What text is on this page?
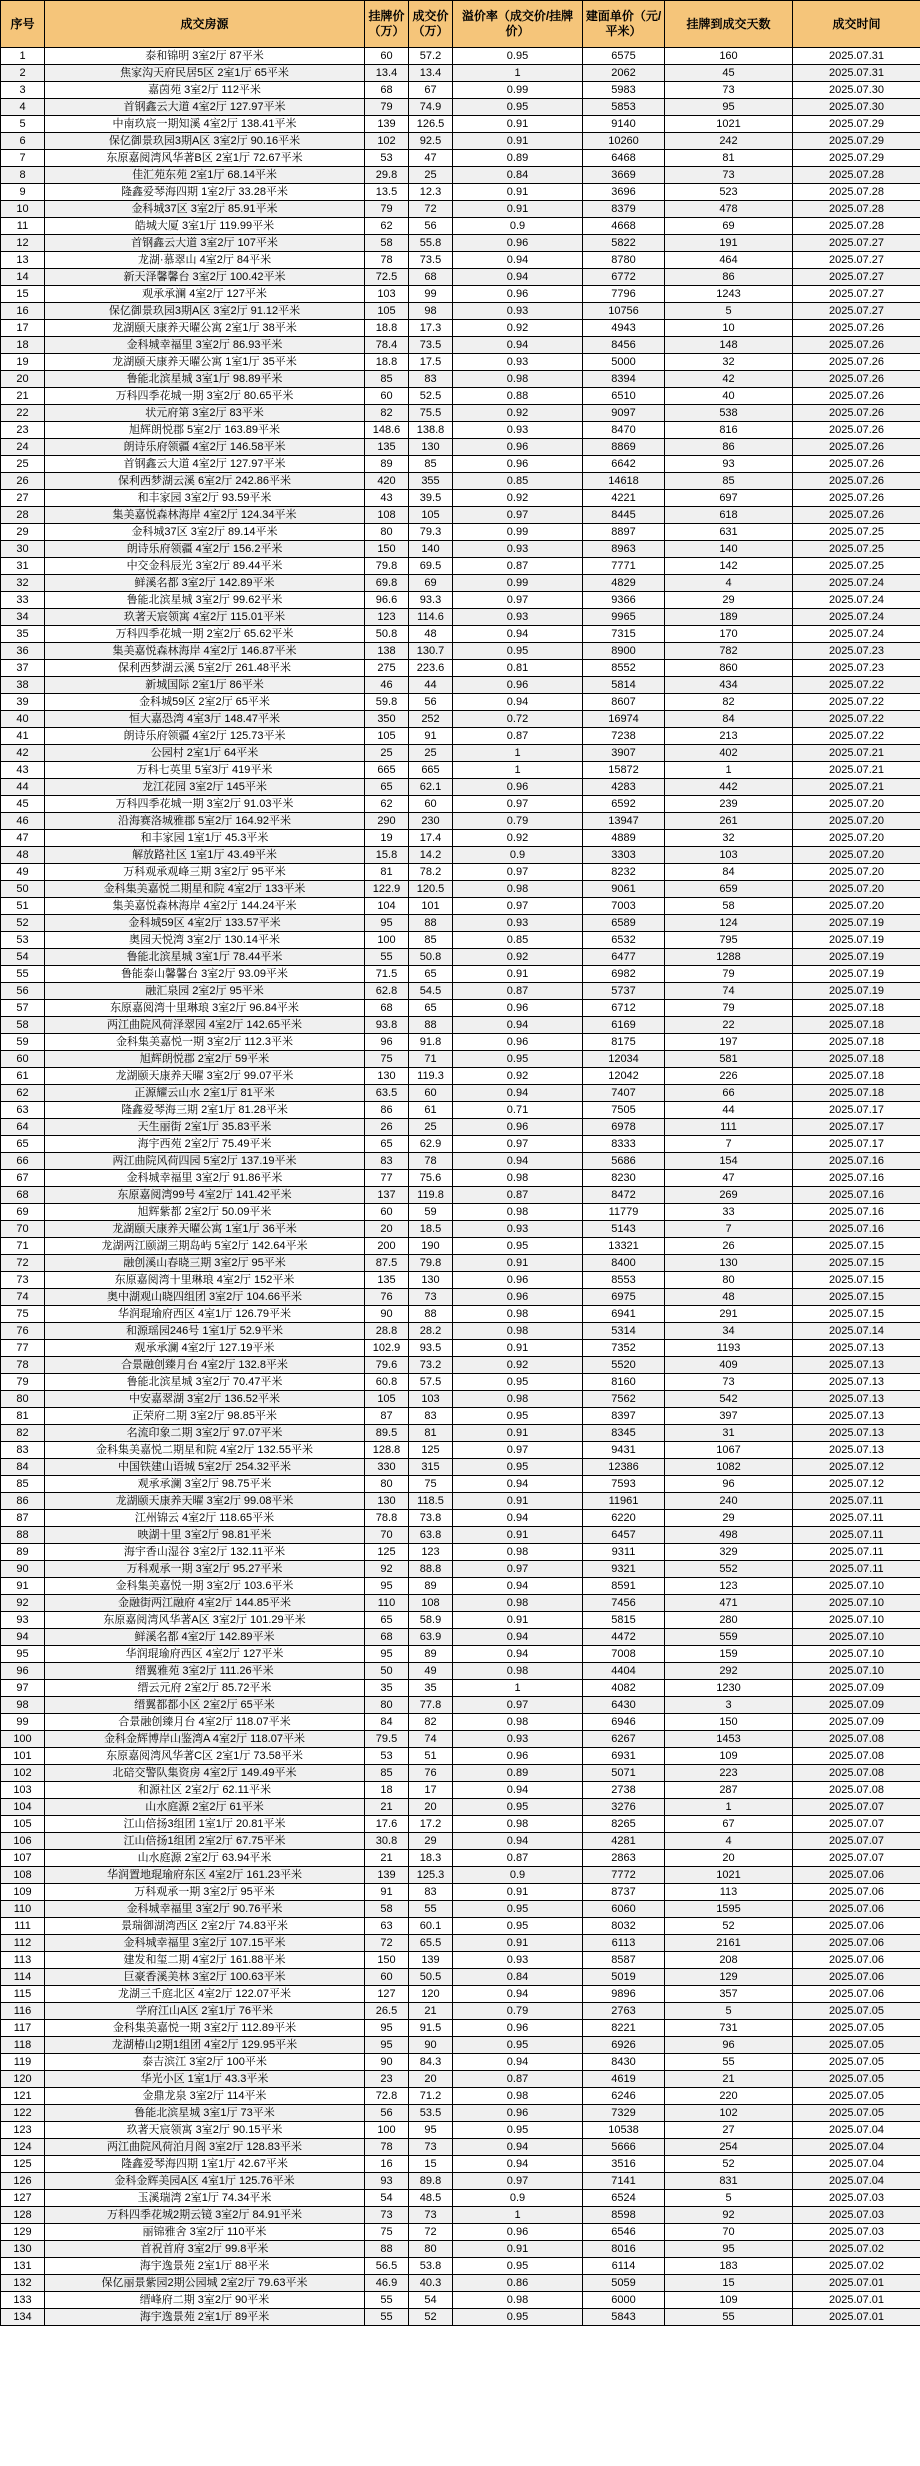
序号	成交房源	挂牌价（万）	成交价（万）	溢价率（成交价/挂牌价）	建面单价（元/平米）	挂牌到成交天数	成交时间
1	泰和锦明 3室2厅 87平米	60	57.2	0.95	6575	160	2025.07.31
2	焦家沟天府民居5区 2室1厅 65平米	13.4	13.4	1	2062	45	2025.07.31
3	嘉茵苑 3室2厅 112平米	68	67	0.99	5983	73	2025.07.30
4	首钢鑫云大道 4室2厅 127.97平米	79	74.9	0.95	5853	95	2025.07.30
5	中南玖宸一期知溪 4室2厅 138.41平米	139	126.5	0.91	9140	1021	2025.07.29
6	保亿御景玖园3期A区 3室2厅 90.16平米	102	92.5	0.91	10260	242	2025.07.29
7	东原嘉阅湾风华著B区 2室1厅 72.67平米	53	47	0.89	6468	81	2025.07.29
8	佳汇苑东苑 2室1厅 68.14平米	29.8	25	0.84	3669	73	2025.07.28
9	隆鑫爱琴海四期 1室2厅 33.28平米	13.5	12.3	0.91	3696	523	2025.07.28
10	金科城37区 3室2厅 85.91平米	79	72	0.91	8379	478	2025.07.28
11	皓城大厦 3室1厅 119.99平米	62	56	0.9	4668	69	2025.07.28
12	首钢鑫云大道 3室2厅 107平米	58	55.8	0.96	5822	191	2025.07.27
13	龙湖·慕翠山 4室2厅 84平米	78	73.5	0.94	8780	464	2025.07.27
14	新天泽馨馨台 3室2厅 100.42平米	72.5	68	0.94	6772	86	2025.07.27
15	观承承澜 4室2厅 127平米	103	99	0.96	7796	1243	2025.07.27
16	保亿御景玖园3期A区 3室2厅 91.12平米	105	98	0.93	10756	5	2025.07.27
17	龙湖颐天康养天曜公寓 2室1厅 38平米	18.8	17.3	0.92	4943	10	2025.07.26
18	金科城幸福里 3室2厅 86.93平米	78.4	73.5	0.94	8456	148	2025.07.26
19	龙湖颐天康养天曜公寓 1室1厅 35平米	18.8	17.5	0.93	5000	32	2025.07.26
20	鲁能北滨星城 3室1厅 98.89平米	85	83	0.98	8394	42	2025.07.26
21	万科四季花城一期 3室2厅 80.65平米	60	52.5	0.88	6510	40	2025.07.26
22	状元府第 3室2厅 83平米	82	75.5	0.92	9097	538	2025.07.26
23	旭辉朗悦郡 5室2厅 163.89平米	148.6	138.8	0.93	8470	816	2025.07.26
24	朗诗乐府领疆 4室2厅 146.58平米	135	130	0.96	8869	86	2025.07.26
25	首钢鑫云大道 4室2厅 127.97平米	89	85	0.96	6642	93	2025.07.26
26	保利西梦湖云溪 6室2厅 242.86平米	420	355	0.85	14618	85	2025.07.26
27	和丰家园 3室2厅 93.59平米	43	39.5	0.92	4221	697	2025.07.26
28	集美嘉悦森林海岸 4室2厅 124.34平米	108	105	0.97	8445	618	2025.07.26
29	金科城37区 3室2厅 89.14平米	80	79.3	0.99	8897	631	2025.07.25
30	朗诗乐府领疆 4室2厅 156.2平米	150	140	0.93	8963	140	2025.07.25
31	中交金科辰光 3室2厅 89.44平米	79.8	69.5	0.87	7771	142	2025.07.25
32	鲜溪名都 3室2厅 142.89平米	69.8	69	0.99	4829	4	2025.07.24
33	鲁能北滨星城 3室2厅 99.62平米	96.6	93.3	0.97	9366	29	2025.07.24
34	玖著天宸领寓 4室2厅 115.01平米	123	114.6	0.93	9965	189	2025.07.24
35	万科四季花城一期 2室2厅 65.62平米	50.8	48	0.94	7315	170	2025.07.24
36	集美嘉悦森林海岸 4室2厅 146.87平米	138	130.7	0.95	8900	782	2025.07.23
37	保利西梦湖云溪 5室2厅 261.48平米	275	223.6	0.81	8552	860	2025.07.23
38	新城国际 2室1厅 86平米	46	44	0.96	5814	434	2025.07.22
39	金科城59区 2室2厅 65平米	59.8	56	0.94	8607	82	2025.07.22
40	恒大嘉恐湾 4室3厅 148.47平米	350	252	0.72	16974	84	2025.07.22
41	朗诗乐府领疆 4室2厅 125.73平米	105	91	0.87	7238	213	2025.07.22
42	公园村 2室1厅 64平米	25	25	1	3907	402	2025.07.21
43	万科七英里 5室3厅 419平米	665	665	1	15872	1	2025.07.21
44	龙江花园 3室2厅 145平米	65	62.1	0.96	4283	442	2025.07.21
45	万科四季花城一期 3室2厅 91.03平米	62	60	0.97	6592	239	2025.07.20
46	沿海赛洛城雅郡 5室2厅 164.92平米	290	230	0.79	13947	261	2025.07.20
47	和丰家园 1室1厅 45.3平米	19	17.4	0.92	4889	32	2025.07.20
48	解放路社区 1室1厅 43.49平米	15.8	14.2	0.9	3303	103	2025.07.20
49	万科观承观峰三期 3室2厅 95平米	81	78.2	0.97	8232	84	2025.07.20
50	金科集美嘉悦二期星和院 4室2厅 133平米	122.9	120.5	0.98	9061	659	2025.07.20
51	集美嘉悦森林海岸 4室2厅 144.24平米	104	101	0.97	7003	58	2025.07.20
52	金科城59区 4室2厅 133.57平米	95	88	0.93	6589	124	2025.07.19
53	奥园天悦湾 3室2厅 130.14平米	100	85	0.85	6532	795	2025.07.19
54	鲁能北滨星城 3室1厅 78.44平米	55	50.8	0.92	6477	1288	2025.07.19
55	鲁能泰山馨馨台 3室2厅 93.09平米	71.5	65	0.91	6982	79	2025.07.19
56	融汇泉园 2室2厅 95平米	62.8	54.5	0.87	5737	74	2025.07.19
57	东原嘉阅湾十里琳琅 3室2厅 96.84平米	68	65	0.96	6712	79	2025.07.18
58	两江曲院风荷泽翠园 4室2厅 142.65平米	93.8	88	0.94	6169	22	2025.07.18
59	金科集美嘉悦一期 3室2厅 112.3平米	96	91.8	0.96	8175	197	2025.07.18
60	旭辉朗悦郡 2室2厅 59平米	75	71	0.95	12034	581	2025.07.18
61	龙湖颐天康养天曜 3室2厅 99.07平米	130	119.3	0.92	12042	226	2025.07.18
62	正源耀云山水 2室1厅 81平米	63.5	60	0.94	7407	66	2025.07.18
63	隆鑫爱琴海三期 2室1厅 81.28平米	86	61	0.71	7505	44	2025.07.17
64	天生丽街 2室1厅 35.83平米	26	25	0.96	6978	111	2025.07.17
65	海宇西苑 2室2厅 75.49平米	65	62.9	0.97	8333	7	2025.07.17
66	两江曲院风荷四园 5室2厅 137.19平米	83	78	0.94	5686	154	2025.07.16
67	金科城幸福里 3室2厅 91.86平米	77	75.6	0.98	8230	47	2025.07.16
68	东原嘉阅湾99号 4室2厅 141.42平米	137	119.8	0.87	8472	269	2025.07.16
69	旭辉紫都 2室2厅 50.09平米	60	59	0.98	11779	33	2025.07.16
70	龙湖颐天康养天曜公寓 1室1厅 36平米	20	18.5	0.93	5143	7	2025.07.16
71	龙湖两江颐湖三期岛屿 5室2厅 142.64平米	200	190	0.95	13321	26	2025.07.15
72	融创溪山春晓三期 3室2厅 95平米	87.5	79.8	0.91	8400	130	2025.07.15
73	东原嘉阅湾十里琳琅 4室2厅 152平米	135	130	0.96	8553	80	2025.07.15
74	奥中湖观山晓四组团 3室2厅 104.66平米	76	73	0.96	6975	48	2025.07.15
75	华润琨瑜府西区 4室1厅 126.79平米	90	88	0.98	6941	291	2025.07.15
76	和源瑶园246号 1室1厅 52.9平米	28.8	28.2	0.98	5314	34	2025.07.14
77	观承承澜 4室2厅 127.19平米	102.9	93.5	0.91	7352	1193	2025.07.13
78	合景融创臻月台 4室2厅 132.8平米	79.6	73.2	0.92	5520	409	2025.07.13
79	鲁能北滨星城 3室2厅 70.47平米	60.8	57.5	0.95	8160	73	2025.07.13
80	中安嘉翠湖 3室2厅 136.52平米	105	103	0.98	7562	542	2025.07.13
81	正荣府二期 3室2厅 98.85平米	87	83	0.95	8397	397	2025.07.13
82	名流印象二期 3室2厅 97.07平米	89.5	81	0.91	8345	31	2025.07.13
83	金科集美嘉悦二期星和院 4室2厅 132.55平米	128.8	125	0.97	9431	1067	2025.07.13
84	中国铁建山语城 5室2厅 254.32平米	330	315	0.95	12386	1082	2025.07.12
85	观承承澜 3室2厅 98.75平米	80	75	0.94	7593	96	2025.07.12
86	龙湖颐天康养天曜 3室2厅 99.08平米	130	118.5	0.91	11961	240	2025.07.11
87	江州锦云 4室2厅 118.65平米	78.8	73.8	0.94	6220	29	2025.07.11
88	映湖十里 3室2厅 98.81平米	70	63.8	0.91	6457	498	2025.07.11
89	海宇香山湿谷 3室2厅 132.11平米	125	123	0.98	9311	329	2025.07.11
90	万科观承一期 3室2厅 95.27平米	92	88.8	0.97	9321	552	2025.07.11
91	金科集美嘉悦一期 3室2厅 103.6平米	95	89	0.94	8591	123	2025.07.10
92	金融街两江融府 4室2厅 144.85平米	110	108	0.98	7456	471	2025.07.10
93	东原嘉阅湾风华著A区 3室2厅 101.29平米	65	58.9	0.91	5815	280	2025.07.10
94	鲜溪名都 4室2厅 142.89平米	68	63.9	0.94	4472	559	2025.07.10
95	华润琨瑜府西区 4室2厅 127平米	95	89	0.94	7008	159	2025.07.10
96	缙翼雅苑 3室2厅 111.26平米	50	49	0.98	4404	292	2025.07.10
97	缙云元府 2室2厅 85.72平米	35	35	1	4082	1230	2025.07.09
98	缙翼都都小区 2室2厅 65平米	80	77.8	0.97	6430	3	2025.07.09
99	合景融创臻月台 4室2厅 118.07平米	84	82	0.98	6946	150	2025.07.09
100	金科金辉博岸山鉴湾A 4室2厅 118.07平米	79.5	74	0.93	6267	1453	2025.07.08
101	东原嘉阅湾风华著C区 2室1厅 73.58平米	53	51	0.96	6931	109	2025.07.08
102	北碚交警队集资房 4室2厅 149.49平米	85	76	0.89	5071	223	2025.07.08
103	和源社区 2室2厅 62.11平米	18	17	0.94	2738	287	2025.07.08
104	山水庭源 2室2厅 61平米	21	20	0.95	3276	1	2025.07.07
105	江山倍扬3组团 1室1厅 20.81平米	17.6	17.2	0.98	8265	67	2025.07.07
106	江山倍扬1组团 2室2厅 67.75平米	30.8	29	0.94	4281	4	2025.07.07
107	山水庭源 2室2厅 63.94平米	21	18.3	0.87	2863	20	2025.07.07
108	华润置地琨瑜府东区 4室2厅 161.23平米	139	125.3	0.9	7772	1021	2025.07.06
109	万科观承一期 3室2厅 95平米	91	83	0.91	8737	113	2025.07.06
110	金科城幸福里 3室2厅 90.76平米	58	55	0.95	6060	1595	2025.07.06
111	景瑞御湖湾西区 2室2厅 74.83平米	63	60.1	0.95	8032	52	2025.07.06
112	金科城幸福里 3室2厅 107.15平米	72	65.5	0.91	6113	2161	2025.07.06
113	建发和玺二期 4室2厅 161.88平米	150	139	0.93	8587	208	2025.07.06
114	巨豪香溪美林 3室2厅 100.63平米	60	50.5	0.84	5019	129	2025.07.06
115	龙湖三千庭北区 4室2厅 122.07平米	127	120	0.94	9896	357	2025.07.06
116	学府江山A区 2室1厅 76平米	26.5	21	0.79	2763	5	2025.07.05
117	金科集美嘉悦一期 3室2厅 112.89平米	95	91.5	0.96	8221	731	2025.07.05
118	龙湖椿山2期1组团 4室2厅 129.95平米	95	90	0.95	6926	96	2025.07.05
119	泰吉滨江 3室2厅 100平米	90	84.3	0.94	8430	55	2025.07.05
120	华光小区 1室1厅 43.3平米	23	20	0.87	4619	21	2025.07.05
121	金鼎龙泉 3室2厅 114平米	72.8	71.2	0.98	6246	220	2025.07.05
122	鲁能北滨星城 3室1厅 73平米	56	53.5	0.96	7329	102	2025.07.05
123	玖著天宸领寓 3室2厅 90.15平米	100	95	0.95	10538	27	2025.07.04
124	两江曲院风荷泊月阁 3室2厅 128.83平米	78	73	0.94	5666	254	2025.07.04
125	隆鑫爱琴海四期 1室1厅 42.67平米	16	15	0.94	3516	52	2025.07.04
126	金科金辉美园A区 4室1厅 125.76平米	93	89.8	0.97	7141	831	2025.07.04
127	玉溪瑞湾 2室1厅 74.34平米	54	48.5	0.9	6524	5	2025.07.03
128	万科四季花城2期云镜 3室2厅 84.91平米	73	73	1	8598	92	2025.07.03
129	丽锦雅舍 3室2厅 110平米	75	72	0.96	6546	70	2025.07.03
130	首祝首府 3室2厅 99.8平米	88	80	0.91	8016	95	2025.07.02
131	海宇逸景苑 2室1厅 88平米	56.5	53.8	0.95	6114	183	2025.07.02
132	保亿丽景紫园2期公园城 2室2厅 79.63平米	46.9	40.3	0.86	5059	15	2025.07.01
133	缙峰府二期 3室2厅 90平米	55	54	0.98	6000	109	2025.07.01
134	海宇逸景苑 2室1厅 89平米	55	52	0.95	5843	55	2025.07.01
